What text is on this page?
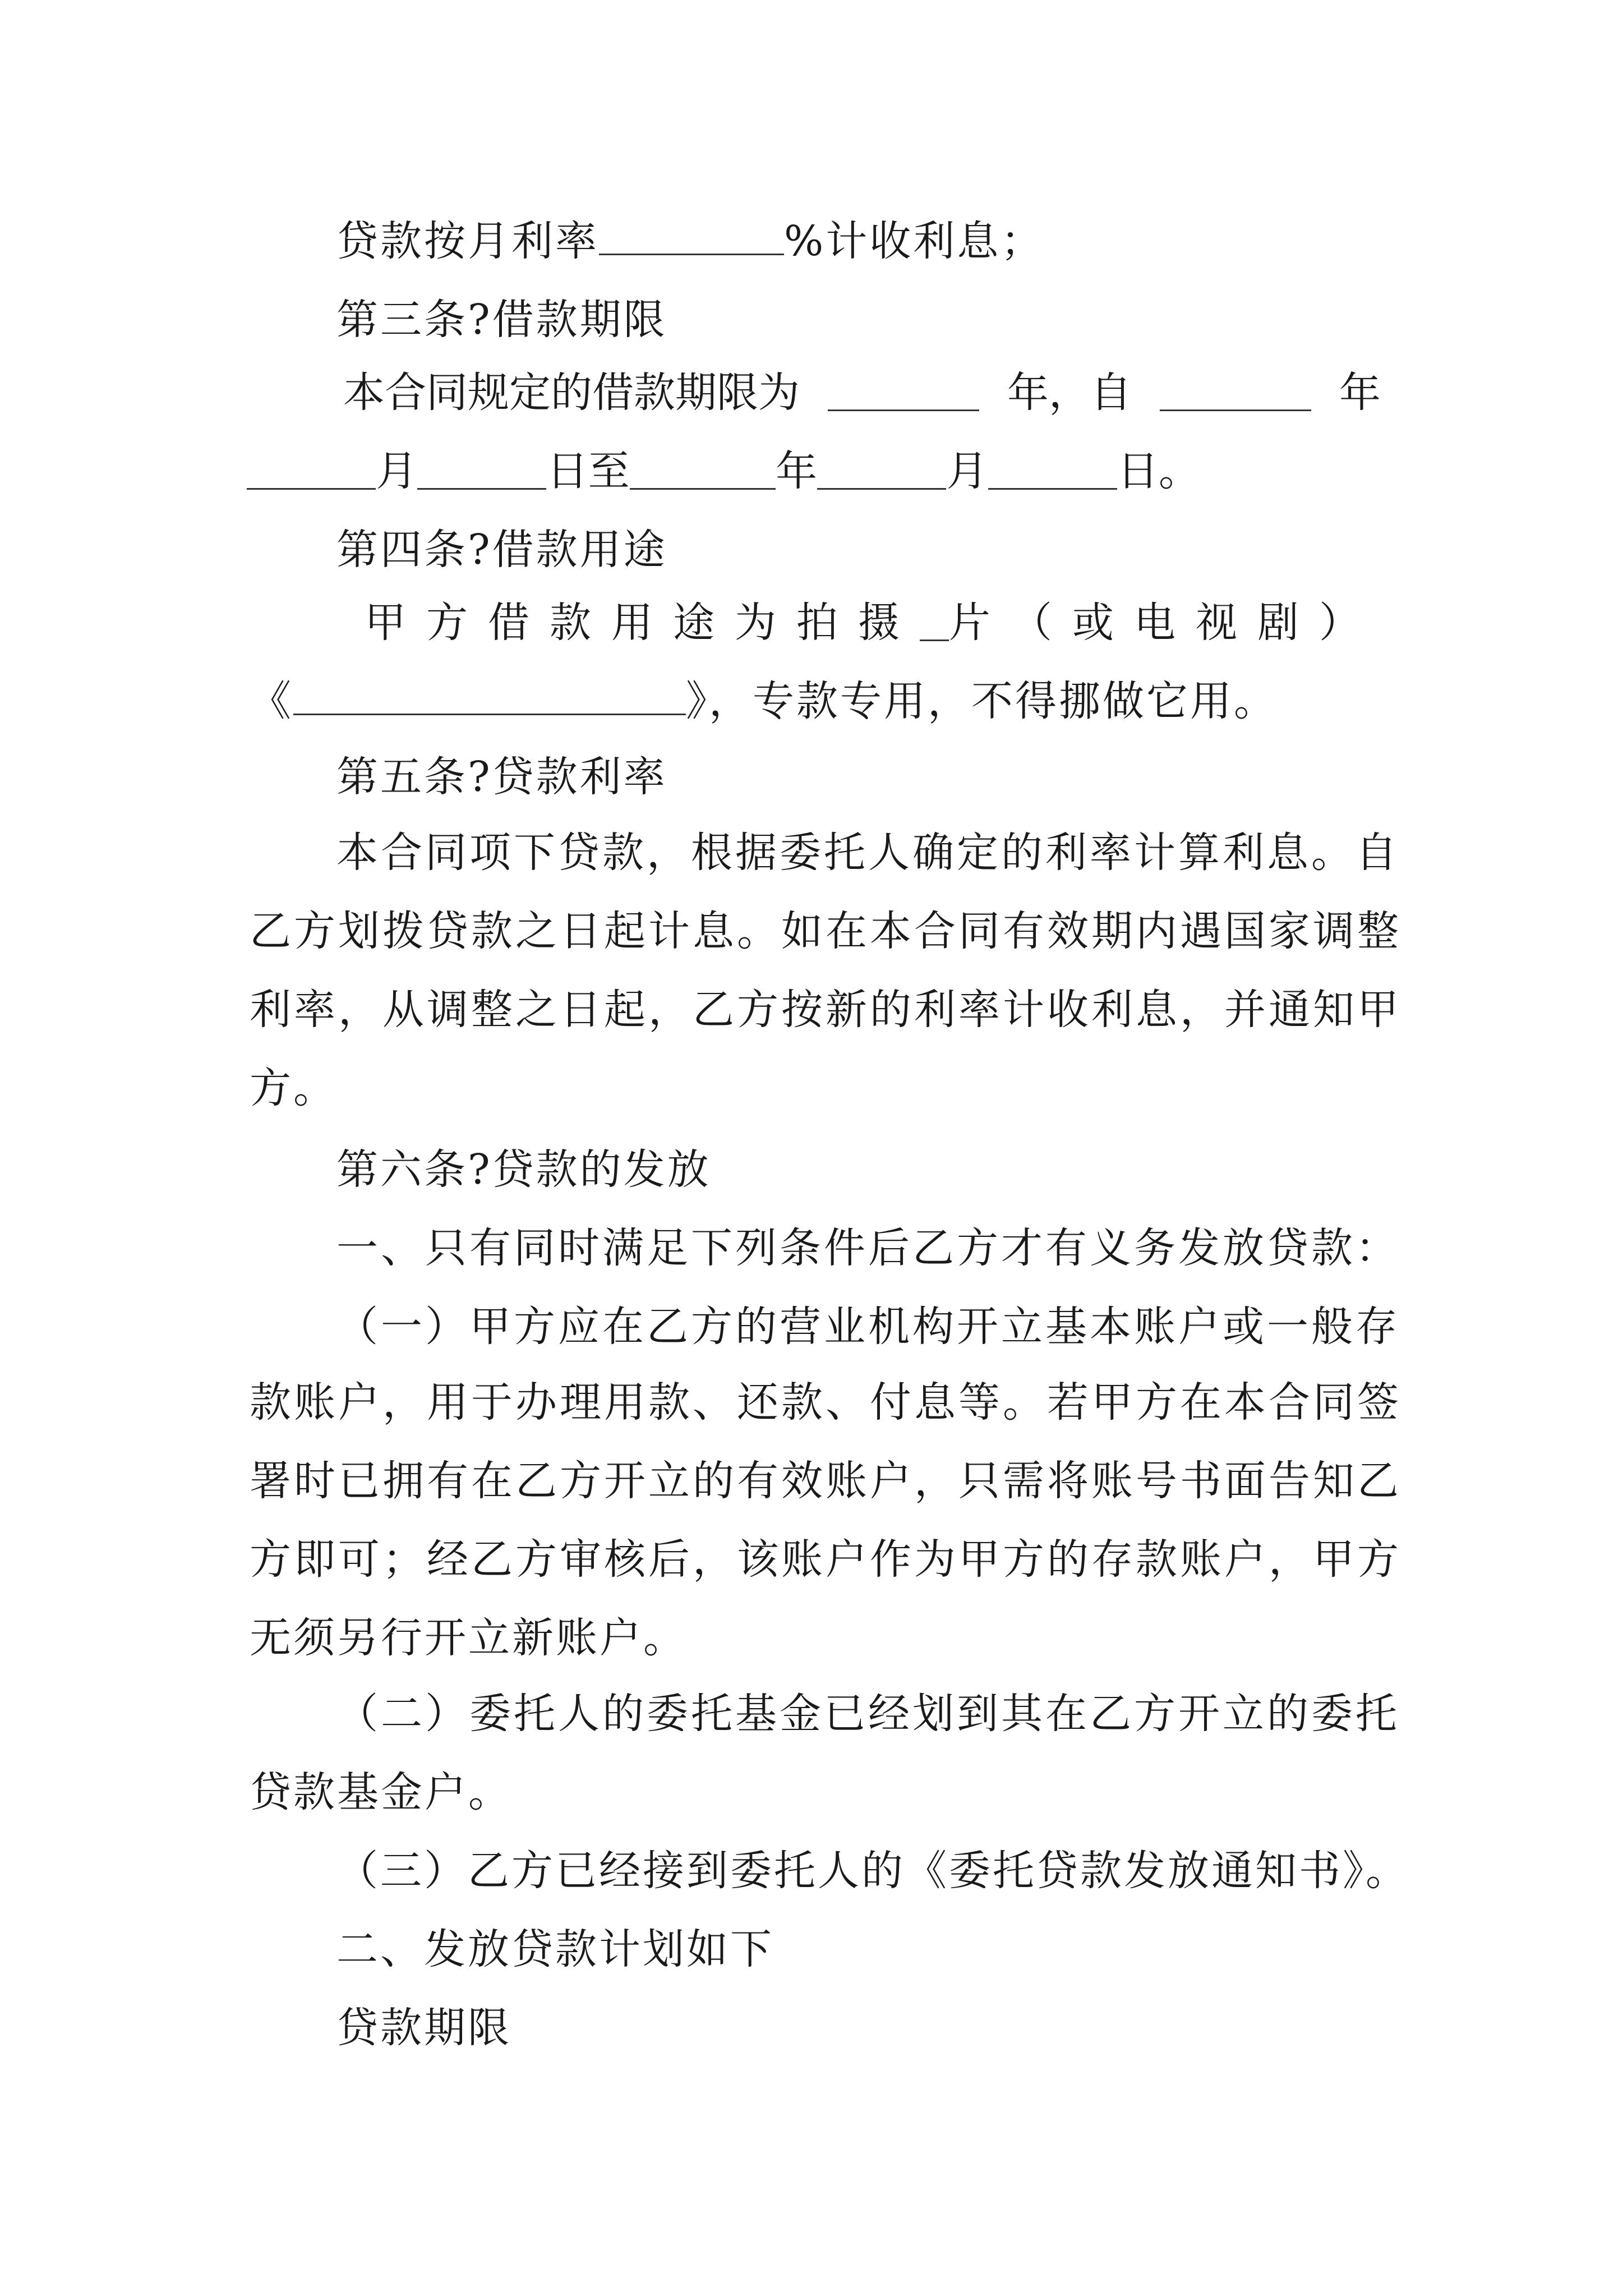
贷款按月利率	%计收利息；
第三条?借款期限
本合同规定的借款期限为	年，自	年
月	日至	年	月	日。
第四条?借款用途
甲方借款用途为拍摄 片（或电视剧）
《	》，专款专用，不得挪做它用。
第五条?贷款利率
本合同项下贷款，根据委托人确定的利率计算利息。自
乙方划拨贷款之日起计息。如在本合同有效期内遇国家调整
利率，从调整之日起，乙方按新的利率计收利息，并通知甲
方。
第六条?贷款的发放
一、只有同时满足下列条件后乙方才有义务发放贷款：
（一）甲方应在乙方的营业机构开立基本账户或一般存
款账户，用于办理用款、还款、付息等。若甲方在本合同签
署时已拥有在乙方开立的有效账户，只需将账号书面告知乙
方即可；经乙方审核后，该账户作为甲方的存款账户，甲方
无须另行开立新账户。
（二）委托人的委托基金已经划到其在乙方开立的委托
贷款基金户。
（三）乙方已经接到委托人的《委托贷款发放通知书》。
二、发放贷款计划如下
贷款期限
